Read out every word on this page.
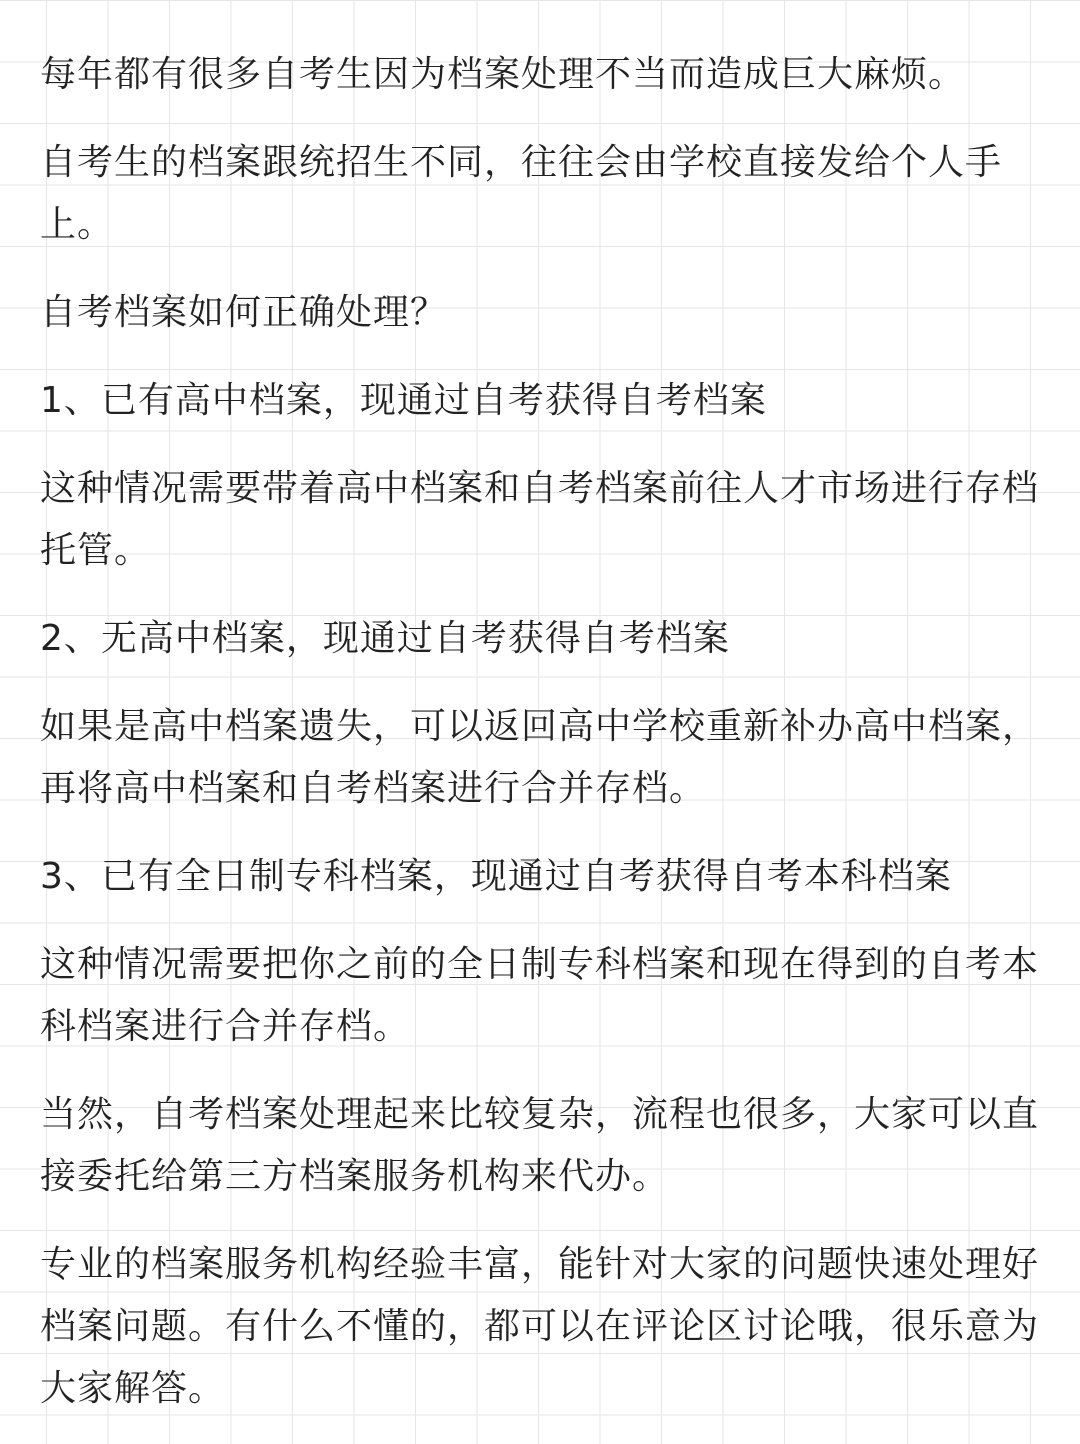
每年都有很多自考生因为档案处理不当而造成巨大麻烦。

自考生的档案跟统招生不同，往往会由学校直接发给个人手上。

自考档案如何正确处理？

1、已有高中档案，现通过自考获得自考档案

这种情况需要带着高中档案和自考档案前往人才市场进行存档托管。

2、无高中档案，现通过自考获得自考档案

如果是高中档案遗失，可以返回高中学校重新补办高中档案，再将高中档案和自考档案进行合并存档。

3、已有全日制专科档案，现通过自考获得自考本科档案

这种情况需要把你之前的全日制专科档案和现在得到的自考本科档案进行合并存档。

当然，自考档案处理起来比较复杂，流程也很多，大家可以直接委托给第三方档案服务机构来代办。

专业的档案服务机构经验丰富，能针对大家的问题快速处理好档案问题。有什么不懂的，都可以在评论区讨论哦，很乐意为大家解答。
